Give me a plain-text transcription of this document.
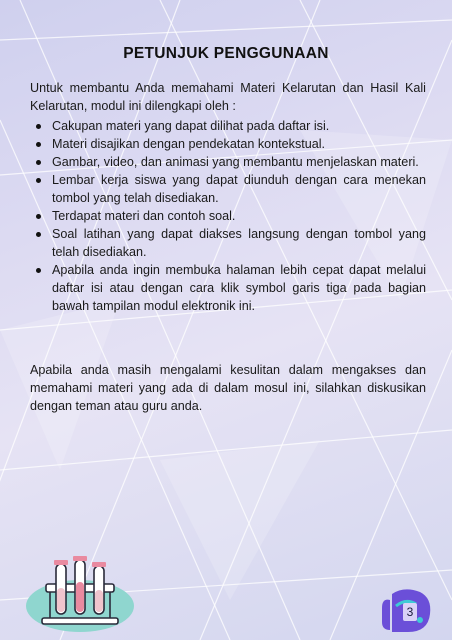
PETUNJUK PENGGUNAAN
Untuk membantu Anda memahami Materi Kelarutan dan Hasil Kali Kelarutan, modul ini dilengkapi oleh :
Cakupan materi yang dapat dilihat pada daftar isi.
Materi disajikan dengan pendekatan kontekstual.
Gambar, video, dan animasi yang membantu menjelaskan materi.
Lembar kerja siswa yang dapat diunduh dengan cara menekan tombol yang telah disediakan.
Terdapat materi dan contoh soal.
Soal latihan yang dapat diakses langsung dengan tombol yang telah disediakan.
Apabila anda ingin membuka halaman lebih cepat dapat melalui daftar isi atau dengan cara klik symbol garis tiga pada bagian bawah tampilan modul elektronik ini.
Apabila anda masih mengalami kesulitan dalam mengakses dan memahami materi yang ada di dalam mosul ini, silahkan diskusikan dengan teman atau guru anda.
3
